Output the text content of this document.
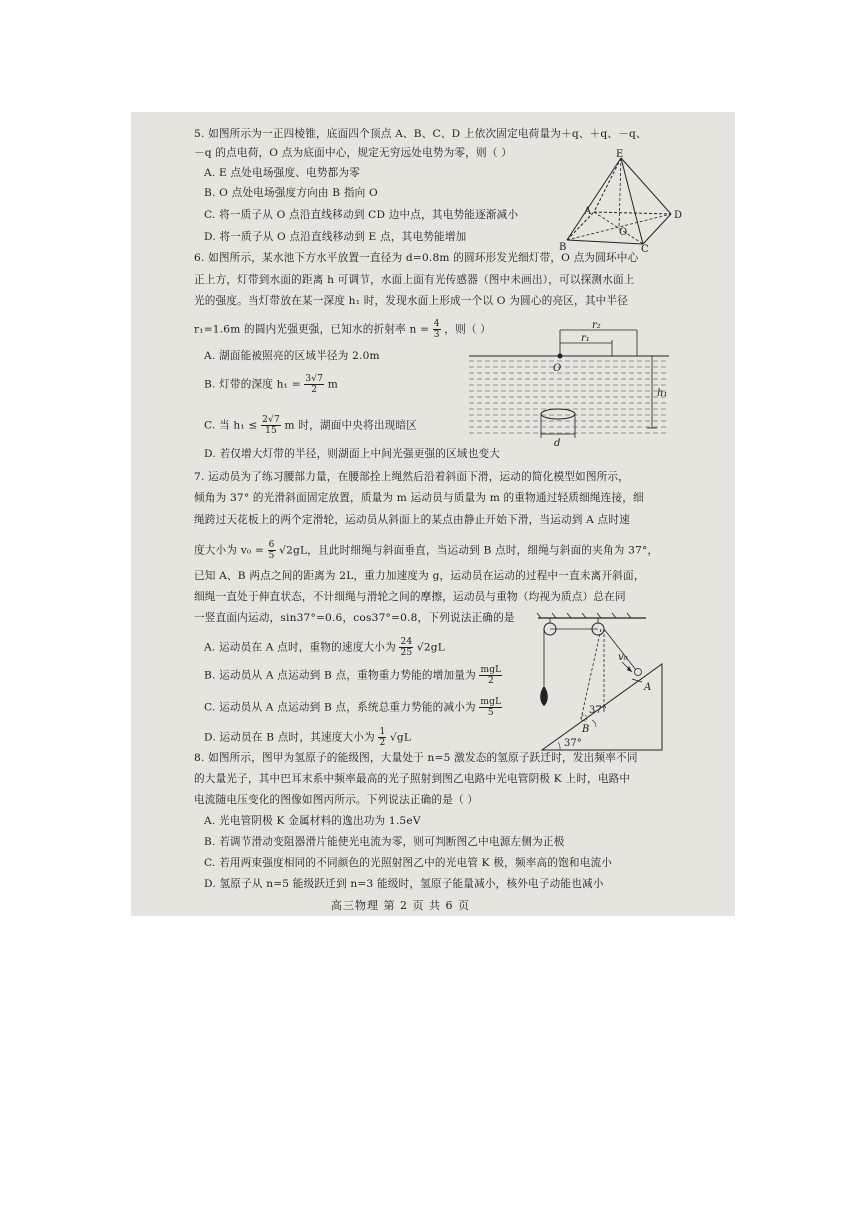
5. 如图所示为一正四棱锥，底面四个顶点 A、B、C、D 上依次固定电荷量为＋q、＋q、－q、
－q 的点电荷，O 点为底面中心，规定无穷远处电势为零，则（ ）
A. E 点处电场强度、电势都为零
B. O 点处电场强度方向由 B 指向 O
C. 将一质子从 O 点沿直线移动到 CD 边中点，其电势能逐渐减小
D. 将一质子从 O 点沿直线移动到 E 点，其电势能增加
E
A
B	C
D
O
6. 如图所示，某水池下方水平放置一直径为 d=0.8m 的圆环形发光细灯带，O 点为圆环中心
正上方，灯带到水面的距离 h 可调节，水面上面有光传感器（图中未画出），可以探测水面上
光的强度。当灯带放在某一深度 h₁ 时，发现水面上形成一个以 O 为圆心的亮区，其中半径
r₁=1.6m 的圆内光强更强，已知水的折射率 $n = \frac{4}{3}$ ，则（ ）
A. 湖面能被照亮的区域半径为 2.0m
B. 灯带的深度 $h_1 = \frac{3√7}{2}$ m
C. 当 $h_1 \le \frac{2√7}{15}$ m 时，湖面中央将出现暗区
D. 若仅增大灯带的半径，则湖面上中间光强更强的区域也变大
r₂
r₁
O
h₁
d
7. 运动员为了练习腰部力量，在腰部拴上绳然后沿着斜面下滑，运动的简化模型如图所示，
倾角为 37° 的光滑斜面固定放置，质量为 m 运动员与质量为 m 的重物通过轻质细绳连接，细
绳跨过天花板上的两个定滑轮，运动员从斜面上的某点由静止开始下滑，当运动到 A 点时速
度大小为 $v_0 = \frac{6}{5} √2gL$，且此时细绳与斜面垂直，当运动到 B 点时，细绳与斜面的夹角为 37°，
已知 A、B 两点之间的距离为 2L，重力加速度为 g，运动员在运动的过程中一直未离开斜面，
细绳一直处于伸直状态，不计细绳与滑轮之间的摩擦，运动员与重物（均视为质点）总在同
一竖直面内运动，sin37°=0.6，cos37°=0.8，下列说法正确的是
A. 运动员在 A 点时，重物的速度大小为 $\frac{24}{25} √2gL$
B. 运动员从 A 点运动到 B 点，重物重力势能的增加量为 $\frac{\text{mgL}}{2}$
C. 运动员从 A 点运动到 B 点，系统总重力势能的减小为 $\frac{\text{mgL}}{5}$
D. 运动员在 B 点时，其速度大小为 $\frac{1}{2} √gL$
v₀
A
B
37°
37°
8. 如图所示，图甲为氢原子的能级图，大量处于 n=5 激发态的氢原子跃迁时，发出频率不同
的大量光子，其中巴耳末系中频率最高的光子照射到图乙电路中光电管阴极 K 上时，电路中
电流随电压变化的图像如图丙所示。下列说法正确的是（ ）
A. 光电管阴极 K 金属材料的逸出功为 1.5eV
B. 若调节滑动变阻器滑片能使光电流为零，则可判断图乙中电源左侧为正极
C. 若用两束强度相同的不同颜色的光照射图乙中的光电管 K 极，频率高的饱和电流小
D. 氢原子从 n=5 能级跃迁到 n=3 能级时，氢原子能量减小，核外电子动能也减小
高三物理 第 2 页 共 6 页
